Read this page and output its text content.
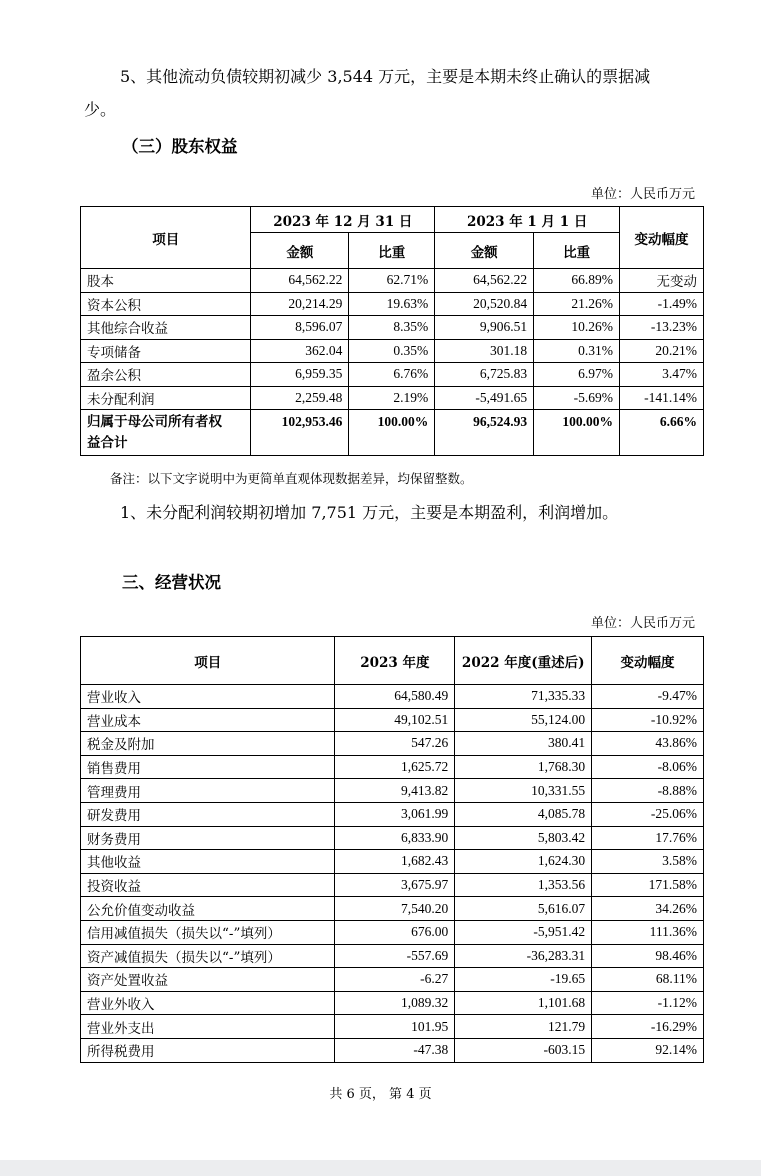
5、其他流动负债较期初减少 3,544 万元，主要是本期未终止确认的票据减
少。
（三）股东权益
单位：人民币万元
项目	2023 年 12 月 31 日		2023 年 1 月 1 日		变动幅度
	金额	比重	金额	比重	
股本	64,562.22	62.71%	64,562.22	66.89%	无变动
资本公积	20,214.29	19.63%	20,520.84	21.26%	-1.49%
其他综合收益	8,596.07	8.35%	9,906.51	10.26%	-13.23%
专项储备	362.04	0.35%	301.18	0.31%	20.21%
盈余公积	6,959.35	6.76%	6,725.83	6.97%	3.47%
未分配利润	2,259.48	2.19%	-5,491.65	-5.69%	-141.14%
归属于母公司所有者权
益合计	102,953.46	100.00%	96,524.93	100.00%	6.66%
备注：以下文字说明中为更简单直观体现数据差异，均保留整数。
1、未分配利润较期初增加 7,751 万元，主要是本期盈利，利润增加。
三、经营状况
单位：人民币万元
项目	2023 年度	2022 年度(重述后)	变动幅度
营业收入	64,580.49	71,335.33	-9.47%
营业成本	49,102.51	55,124.00	-10.92%
税金及附加	547.26	380.41	43.86%
销售费用	1,625.72	1,768.30	-8.06%
管理费用	9,413.82	10,331.55	-8.88%
研发费用	3,061.99	4,085.78	-25.06%
财务费用	6,833.90	5,803.42	17.76%
其他收益	1,682.43	1,624.30	3.58%
投资收益	3,675.97	1,353.56	171.58%
公允价值变动收益	7,540.20	5,616.07	34.26%
信用减值损失（损失以“-”填列）	676.00	-5,951.42	111.36%
资产减值损失（损失以“-”填列）	-557.69	-36,283.31	98.46%
资产处置收益	-6.27	-19.65	68.11%
营业外收入	1,089.32	1,101.68	-1.12%
营业外支出	101.95	121.79	-16.29%
所得税费用	-47.38	-603.15	92.14%
共 6 页， 第 4 页
